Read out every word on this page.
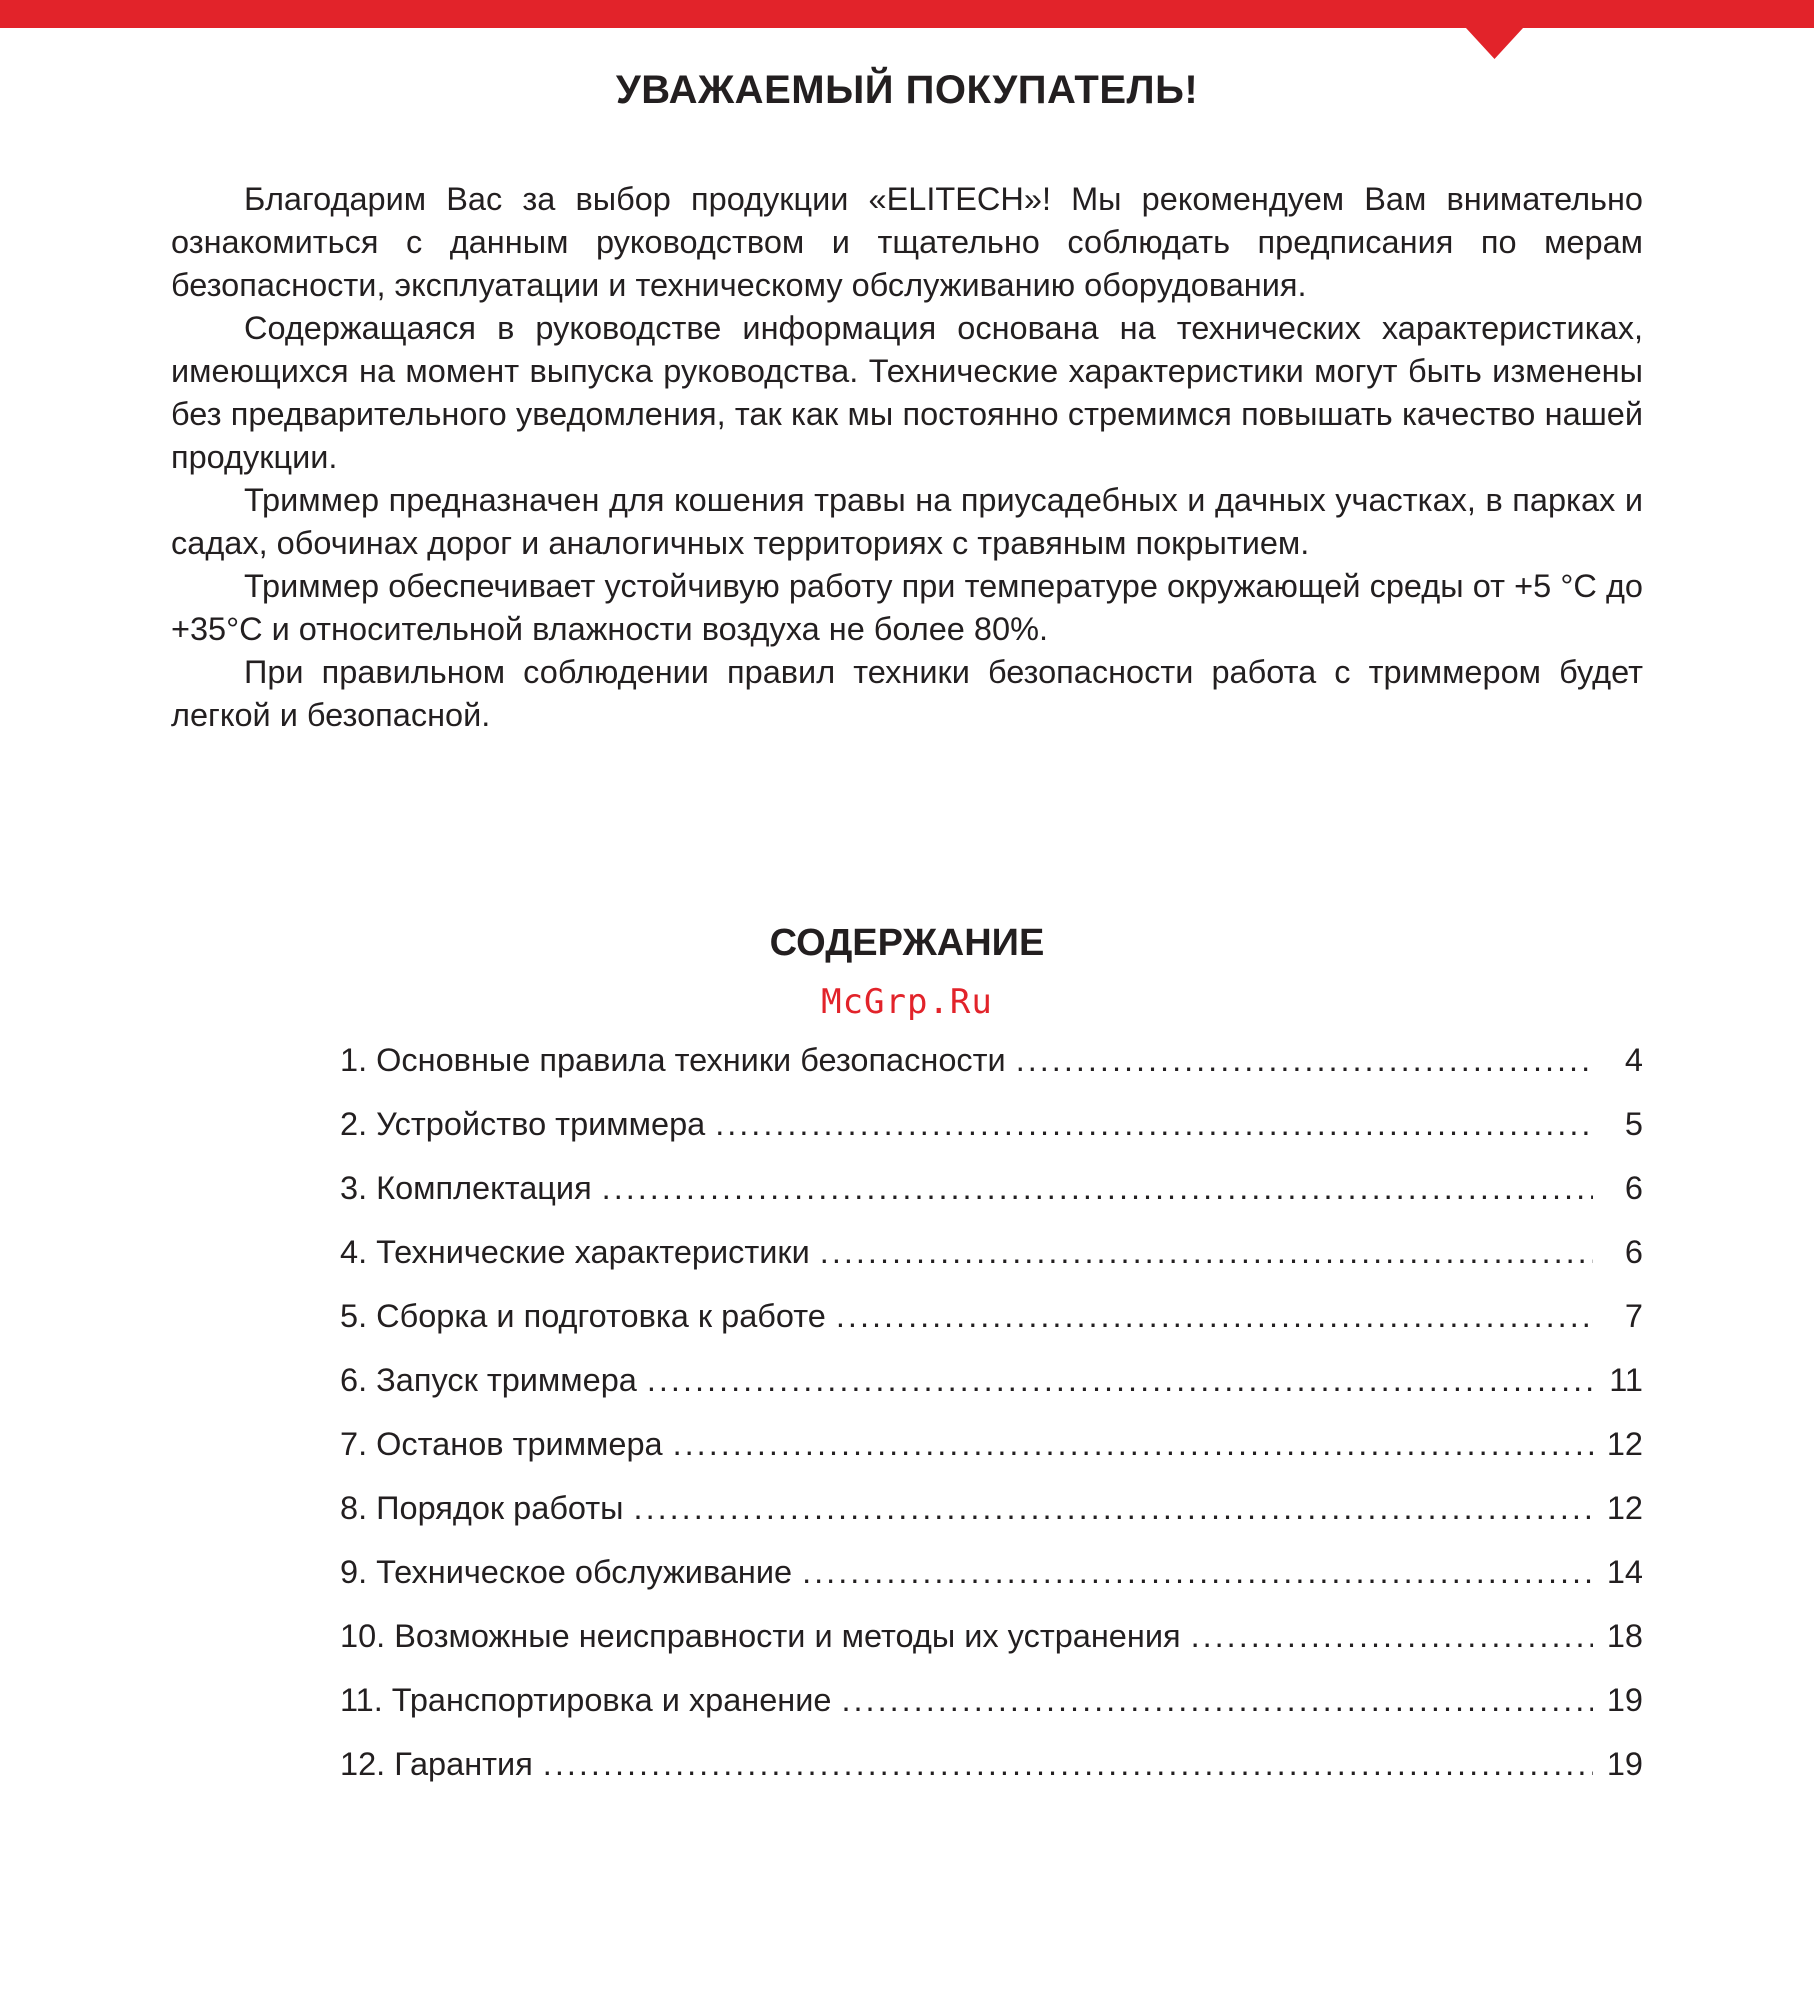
УВАЖАЕМЫЙ ПОКУПАТЕЛЬ!

Благодарим Вас за выбор продукции «ELITECH»! Мы рекомендуем Вам внимательно ознакомиться с данным руководством и тщательно соблюдать предписания по мерам безопасности, эксплуатации и техническому обслуживанию оборудования.

Содержащаяся в руководстве информация основана на технических характеристиках, имеющихся на момент выпуска руководства. Технические характеристики могут быть изменены без предварительного уведомления, так как мы постоянно стремимся повышать качество нашей продукции.

Триммер предназначен для кошения травы на приусадебных и дачных участках, в парках и садах, обочинах дорог и аналогичных территориях с травяным покрытием.

Триммер обеспечивает устойчивую работу при температуре окружающей среды от +5 °С до +35°С и относительной влажности воздуха не более 80%.

При правильном соблюдении правил техники безопасности работа с триммером будет легкой и безопасной.

СОДЕРЖАНИЕ
McGrp.Ru
1. Основные правила техники безопасности .....	4
2. Устройство триммера .....	5
3. Комплектация .....	6
4. Технические характеристики .....	6
5. Сборка и подготовка к работе .....	7
6. Запуск триммера .....	11
7. Останов триммера .....	12
8. Порядок работы .....	12
9. Техническое обслуживание .....	14
10. Возможные неисправности и методы их устранения .....	18
11. Транспортировка и хранение .....	19
12. Гарантия .....	19
